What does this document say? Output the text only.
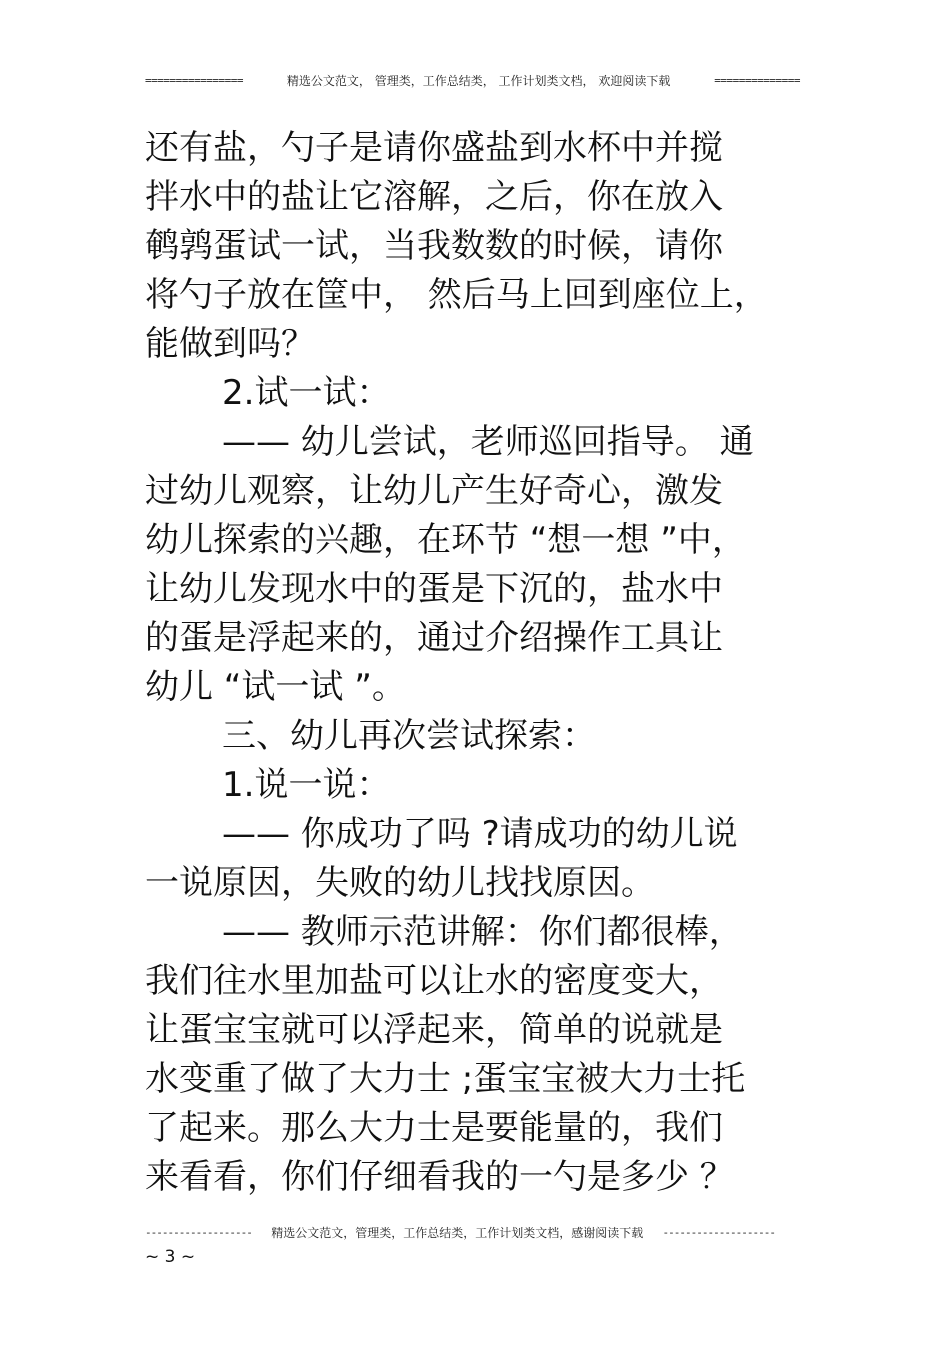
================	精选公文范文， 管理类，工作总结类， 工作计划类文档， 欢迎阅读下载	==============
还有盐，勺子是请你盛盐到水杯中并搅
拌水中的盐让它溶解，之后，你在放入
鹌鹑蛋试一试，当我数数的时候，请你
将勺子放在筐中， 然后马上回到座位上，
能做到吗？
2.试一试：
—— 幼儿尝试，老师巡回指导。 通
过幼儿观察，让幼儿产生好奇心，激发
幼儿探索的兴趣，在环节 “想一想 ”中，
让幼儿发现水中的蛋是下沉的，盐水中
的蛋是浮起来的，通过介绍操作工具让
幼儿 “试一试 ”。
三、幼儿再次尝试探索：
1.说一说：
—— 你成功了吗 ?请成功的幼儿说
一说原因，失败的幼儿找找原因。
—— 教师示范讲解：你们都很棒，
我们往水里加盐可以让水的密度变大，
让蛋宝宝就可以浮起来，简单的说就是
水变重了做了大力士 ;蛋宝宝被大力士托
了起来。那么大力士是要能量的，我们
来看看，你们仔细看我的一勺是多少 ？
------------------- 精选公文范文，管理类，工作总结类，工作计划类文档，感谢阅读下载 --------------------
~ 3 ~
